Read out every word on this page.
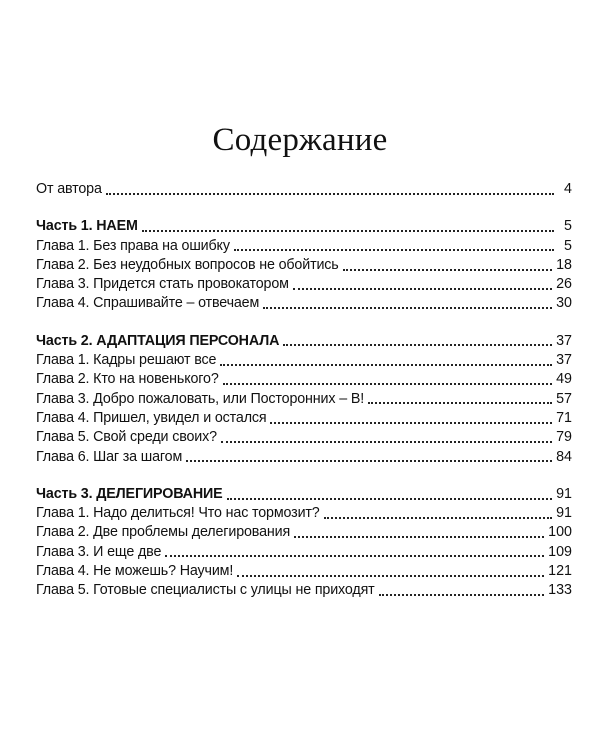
Содержание
От автора	4
Часть 1. НАЕМ	5
Глава 1. Без права на ошибку	5
Глава 2. Без неудобных вопросов не обойтись	18
Глава 3. Придется стать провокатором	26
Глава 4. Спрашивайте – отвечаем	30
Часть 2. АДАПТАЦИЯ ПЕРСОНАЛА	37
Глава 1. Кадры решают все	37
Глава 2. Кто на новенького?	49
Глава 3. Добро пожаловать, или Посторонних – В!	57
Глава 4. Пришел, увидел и остался	71
Глава 5. Свой среди своих?	79
Глава 6. Шаг за шагом	84
Часть 3. ДЕЛЕГИРОВАНИЕ	91
Глава 1. Надо делиться! Что нас тормозит?	91
Глава 2. Две проблемы делегирования	100
Глава 3. И еще две	109
Глава 4. Не можешь? Научим!	121
Глава 5. Готовые специалисты с улицы не приходят	133
